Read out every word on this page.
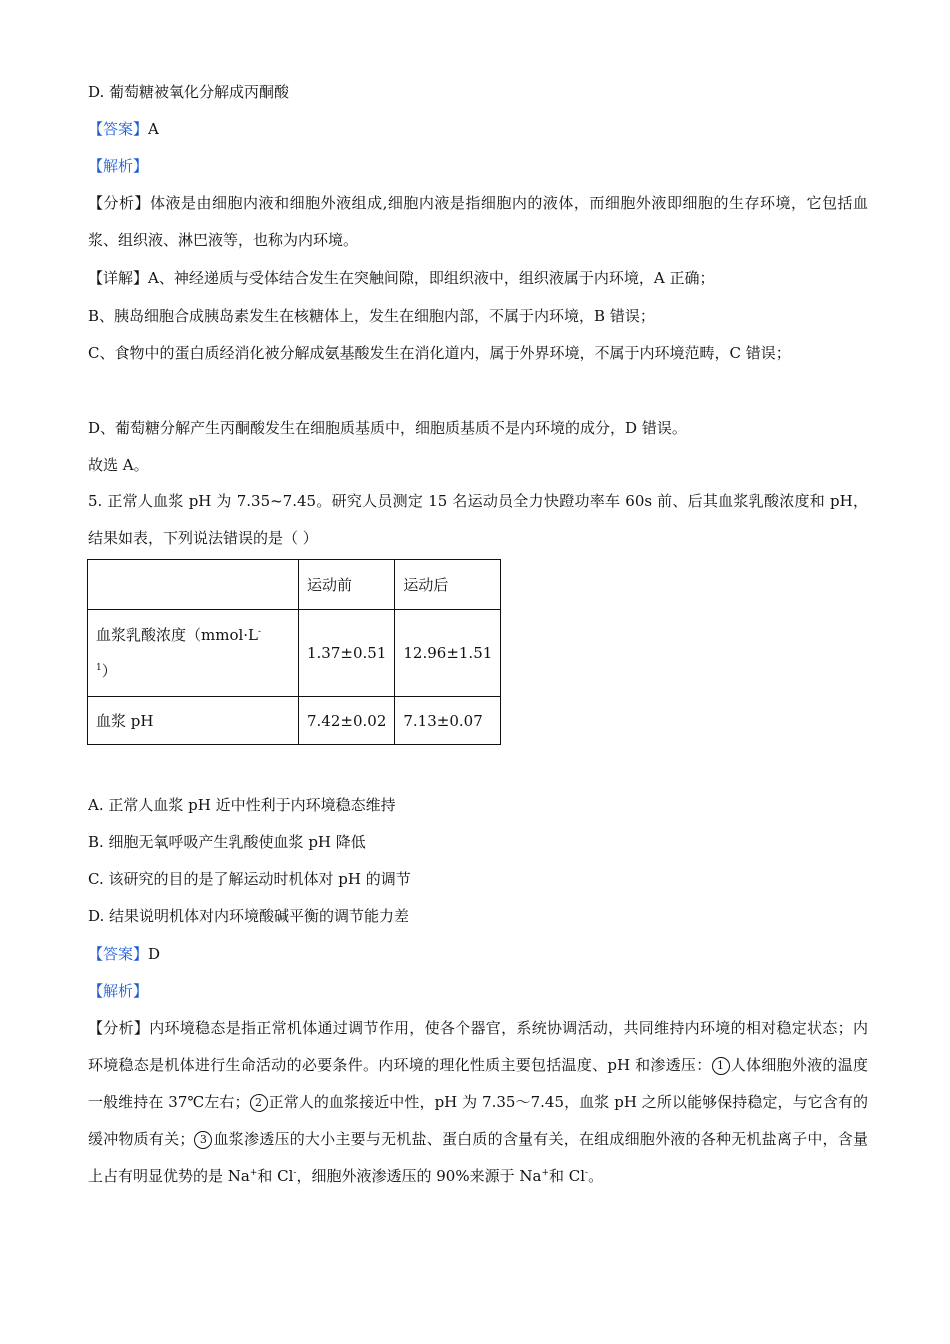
D. 葡萄糖被氧化分解成丙酮酸
【答案】A
【解析】
【分析】体液是由细胞内液和细胞外液组成,细胞内液是指细胞内的液体，而细胞外液即细胞的生存环境，它包括血浆、组织液、淋巴液等，也称为内环境。
【详解】A、神经递质与受体结合发生在突触间隙，即组织液中，组织液属于内环境，A 正确；
B、胰岛细胞合成胰岛素发生在核糖体上，发生在细胞内部，不属于内环境，B 错误；
C、食物中的蛋白质经消化被分解成氨基酸发生在消化道内，属于外界环境，不属于内环境范畴，C 错误；
D、葡萄糖分解产生丙酮酸发生在细胞质基质中，细胞质基质不是内环境的成分，D 错误。
故选 A。
5. 正常人血浆 pH 为 7.35~7.45。研究人员测定 15 名运动员全力快蹬功率车 60s 前、后其血浆乳酸浓度和 pH，结果如表，下列说法错误的是（ ）
	运动前	运动后
血浆乳酸浓度（mmol·L-
$^1$）	1.37±0.51	12.96±1.51
血浆 pH	7.42±0.02	7.13±0.07
A. 正常人血浆 pH 近中性利于内环境稳态维持
B. 细胞无氧呼吸产生乳酸使血浆 pH 降低
C. 该研究的目的是了解运动时机体对 pH 的调节
D. 结果说明机体对内环境酸碱平衡的调节能力差
【答案】D
【解析】
【分析】内环境稳态是指正常机体通过调节作用，使各个器官，系统协调活动，共同维持内环境的相对稳定状态；内环境稳态是机体进行生命活动的必要条件。内环境的理化性质主要包括温度、pH 和渗透压： 1 人体细胞外液的温度一般维持在 37℃左右； 2 正常人的血浆接近中性，pH 为 7.35～7.45，血浆 pH 之所以能够保持稳定，与它含有的缓冲物质有关； 3 血浆渗透压的大小主要与无机盐、蛋白质的含量有关，在组成细胞外液的各种无机盐离子中，含量上占有明显优势的是 Na+和 Cl-，细胞外液渗透压的 90%来源于 Na+和 Cl-。
